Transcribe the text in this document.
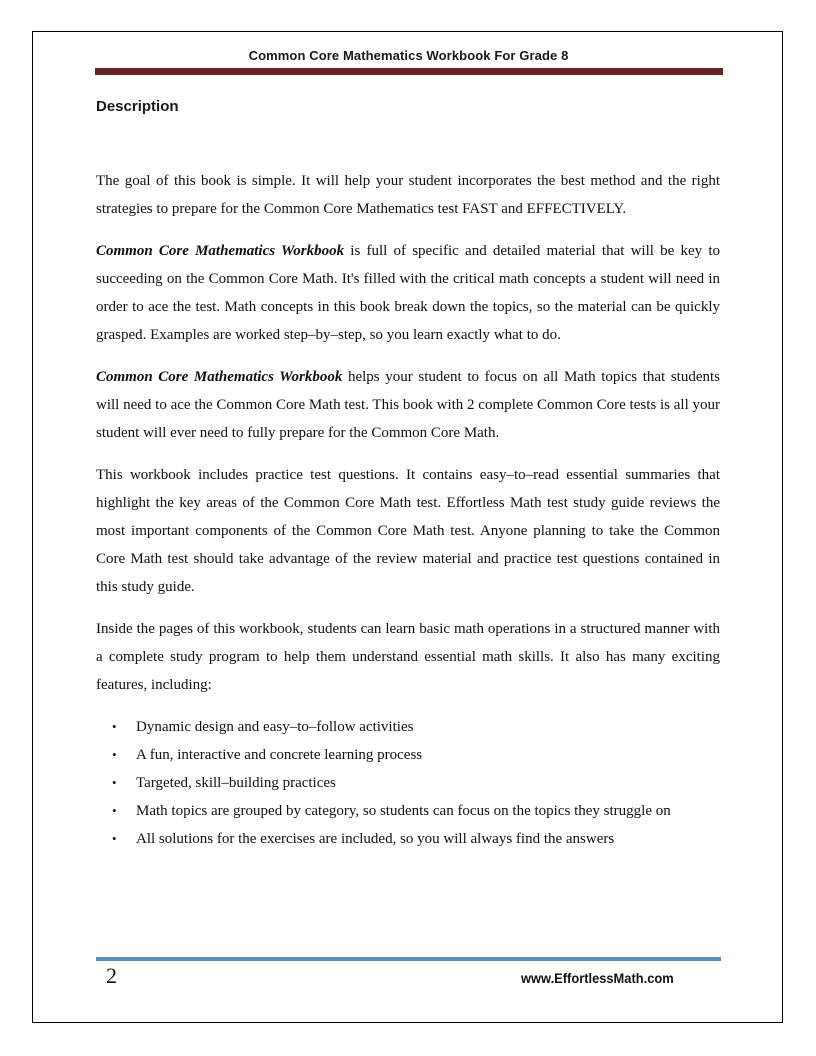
Common Core Mathematics Workbook For Grade 8
Description

The goal of this book is simple. It will help your student incorporates the best method and the right strategies to prepare for the Common Core Mathematics test FAST and EFFECTIVELY.

Common Core Mathematics Workbook is full of specific and detailed material that will be key to succeeding on the Common Core Math. It's filled with the critical math concepts a student will need in order to ace the test. Math concepts in this book break down the topics, so the material can be quickly grasped. Examples are worked step–by–step, so you learn exactly what to do.

Common Core Mathematics Workbook helps your student to focus on all Math topics that students will need to ace the Common Core Math test. This book with 2 complete Common Core tests is all your student will ever need to fully prepare for the Common Core Math.

This workbook includes practice test questions. It contains easy–to–read essential summaries that highlight the key areas of the Common Core Math test. Effortless Math test study guide reviews the most important components of the Common Core Math test. Anyone planning to take the Common Core Math test should take advantage of the review material and practice test questions contained in this study guide.

Inside the pages of this workbook, students can learn basic math operations in a structured manner with a complete study program to help them understand essential math skills. It also has many exciting features, including:

• Dynamic design and easy–to–follow activities
• A fun, interactive and concrete learning process
• Targeted, skill–building practices
• Math topics are grouped by category, so students can focus on the topics they struggle on
• All solutions for the exercises are included, so you will always find the answers
2	www.EffortlessMath.com
